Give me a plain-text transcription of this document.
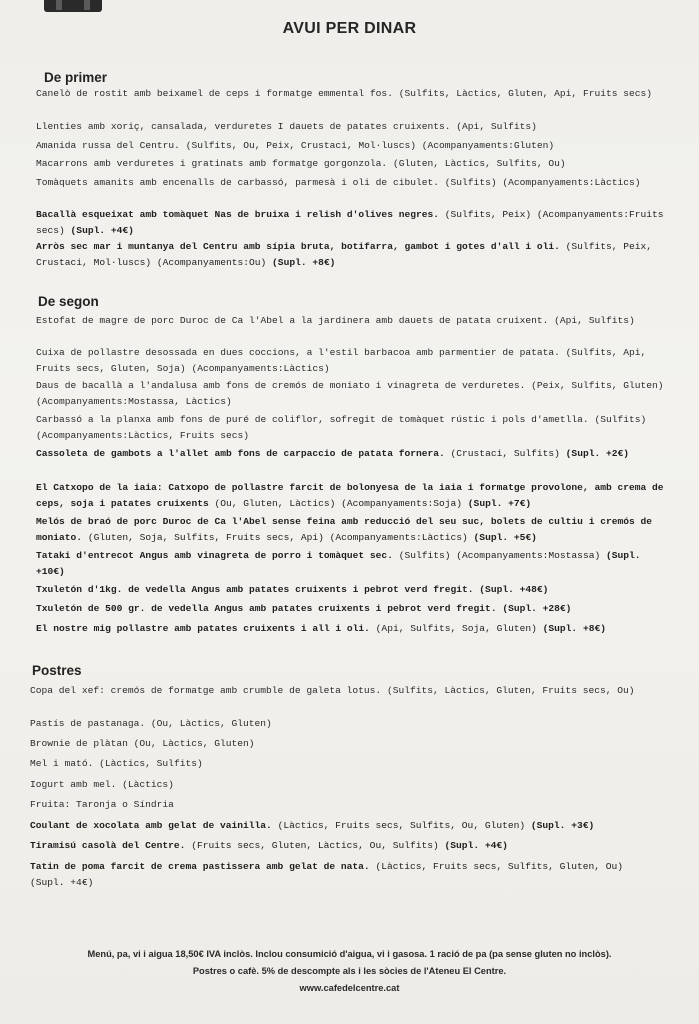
AVUI PER DINAR
De primer
Canelò de rostit amb beixamel de ceps i formatge emmental fos. (Sulfits, Làctics, Gluten, Api, Fruits secs)
Llenties amb xoriç, cansalada, verduretes I dauets de patates cruixents. (Api, Sulfits)
Amanida russa del Centru. (Sulfits, Ou, Peix, Crustaci, Mol·luscs) (Acompanyaments:Gluten)
Macarrons amb verduretes i gratinats amb formatge gorgonzola. (Gluten, Làctics, Sulfits, Ou)
Tomàquets amanits amb encenalls de carbassó, parmesà i oli de cibulet. (Sulfits) (Acompanyaments:Làctics)
Bacallà esqueixat amb tomàquet Nas de bruixa i relish d'olives negres. (Sulfits, Peix) (Acompanyaments:Fruits secs) (Supl. +4€)
Arròs sec mar i muntanya del Centru amb sípia bruta, botifarra, gambot i gotes d'all i oli. (Sulfits, Peix, Crustaci, Mol·luscs) (Acompanyaments:Ou) (Supl. +8€)
De segon
Estofat de magre de porc Duroc de Ca l'Abel a la jardinera amb dauets de patata cruixent. (Api, Sulfits)
Cuixa de pollastre desossada en dues coccions, a l'estil barbacoa amb parmentier de patata. (Sulfits, Api, Fruits secs, Gluten, Soja) (Acompanyaments:Làctics)
Daus de bacallà a l'andalusa amb fons de cremós de moniato i vinagreta de verduretes. (Peix, Sulfits, Gluten) (Acompanyaments:Mostassa, Làctics)
Carbassó a la planxa amb fons de puré de coliflor, sofregit de tomàquet rústic i pols d'ametlla. (Sulfits) (Acompanyaments:Làctics, Fruits secs)
Cassoleta de gambots a l'allet amb fons de carpaccio de patata fornera. (Crustaci, Sulfits) (Supl. +2€)
El Catxopo de la iaia: Catxopo de pollastre farcit de bolonyesa de la iaia i formatge provolone, amb crema de ceps, soja i patates cruixents (Ou, Gluten, Làctics) (Acompanyaments:Soja) (Supl. +7€)
Melós de braó de porc Duroc de Ca l'Abel sense feina amb reducció del seu suc, bolets de cultiu i cremós de moniato. (Gluten, Soja, Sulfits, Fruits secs, Api) (Acompanyaments:Làctics) (Supl. +5€)
Tataki d'entrecot Angus amb vinagreta de porro i tomàquet sec. (Sulfits) (Acompanyaments:Mostassa) (Supl. +10€)
Txuletón d'1kg. de vedella Angus amb patates cruixents i pebrot verd fregit. (Supl. +48€)
Txuletón de 500 gr. de vedella Angus amb patates cruixents i pebrot verd fregit. (Supl. +28€)
El nostre mig pollastre amb patates cruixents i all i oli. (Api, Sulfits, Soja, Gluten) (Supl. +8€)
Postres
Copa del xef: cremós de formatge amb crumble de galeta lotus. (Sulfits, Làctics, Gluten, Fruits secs, Ou)
Pastís de pastanaga. (Ou, Làctics, Gluten)
Brownie de plàtan (Ou, Làctics, Gluten)
Mel i mató. (Làctics, Sulfits)
Iogurt amb mel. (Làctics)
Fruita: Taronja o Síndria
Coulant de xocolata amb gelat de vainilla. (Làctics, Fruits secs, Sulfits, Ou, Gluten) (Supl. +3€)
Tiramisú casolà del Centre. (Fruits secs, Gluten, Làctics, Ou, Sulfits) (Supl. +4€)
Tatin de poma farcit de crema pastissera amb gelat de nata. (Làctics, Fruits secs, Sulfits, Gluten, Ou) (Supl. +4€)
Menú, pa, vi i aigua 18,50€ IVA inclòs. Inclou consumició d'aigua, vi i gasosa. 1 ració de pa (pa sense gluten no inclòs).
Postres o cafè. 5% de descompte als i les sòcies de l'Ateneu El Centre.
www.cafedelcentre.cat
